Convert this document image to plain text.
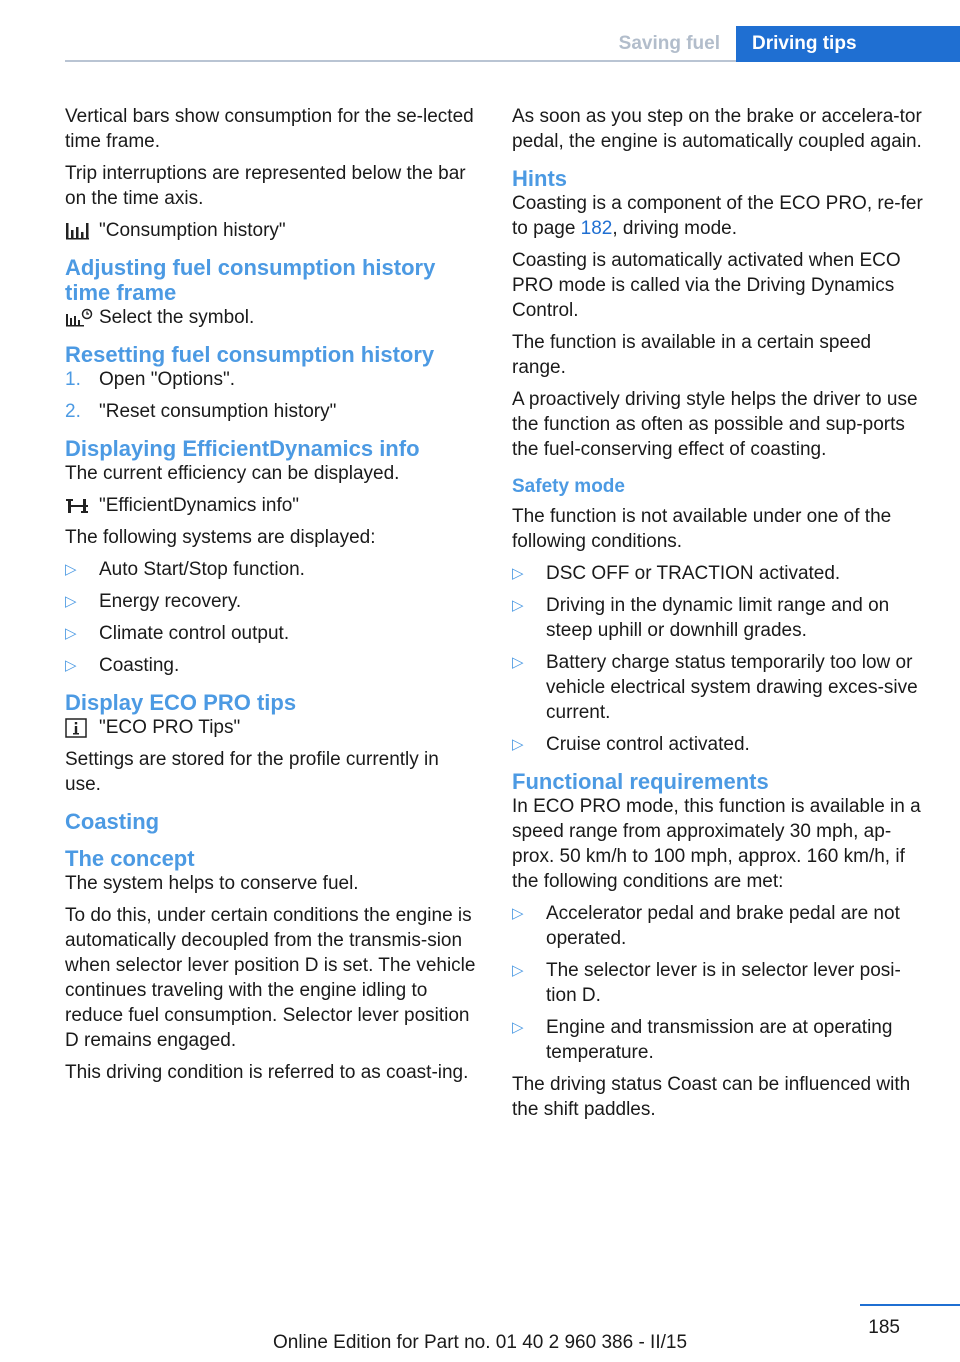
Saving fuel	Driving tips

Vertical bars show consumption for the se-lected time frame.

Trip interruptions are represented below the bar on the time axis.

"Consumption history"
Adjusting fuel consumption history time frame
Select the symbol.
Resetting fuel consumption history
1. Open "Options".
2. "Reset consumption history"
Displaying EfficientDynamics info

The current efficiency can be displayed.

"EfficientDynamics info"

The following systems are displayed:

▷	Auto Start/Stop function.
▷	Energy recovery.
▷	Climate control output.
▷	Coasting.
Display ECO PRO tips
"ECO PRO Tips"

Settings are stored for the profile currently in use.

Coasting
The concept

The system helps to conserve fuel.

To do this, under certain conditions the engine is automatically decoupled from the transmis-sion when selector lever position D is set. The vehicle continues traveling with the engine idling to reduce fuel consumption. Selector lever position D remains engaged.

This driving condition is referred to as coast-ing.

As soon as you step on the brake or accelera-tor pedal, the engine is automatically coupled again.

Hints

Coasting is a component of the ECO PRO, re-fer to page 182, driving mode.

Coasting is automatically activated when ECO PRO mode is called via the Driving Dynamics Control.

The function is available in a certain speed range.

A proactively driving style helps the driver to use the function as often as possible and sup-ports the fuel-conserving effect of coasting.

Safety mode

The function is not available under one of the following conditions.

▷	DSC OFF or TRACTION activated.
▷	Driving in the dynamic limit range and on steep uphill or downhill grades.
▷	Battery charge status temporarily too low or vehicle electrical system drawing exces-sive current.
▷	Cruise control activated.
Functional requirements

In ECO PRO mode, this function is available in a speed range from approximately 30 mph, ap-prox. 50 km/h to 100 mph, approx. 160 km/h, if the following conditions are met:

▷	Accelerator pedal and brake pedal are not operated.
▷	The selector lever is in selector lever posi-tion D.
▷	Engine and transmission are at operating temperature.

The driving status Coast can be influenced with the shift paddles.

185
Online Edition for Part no. 01 40 2 960 386 - II/15
